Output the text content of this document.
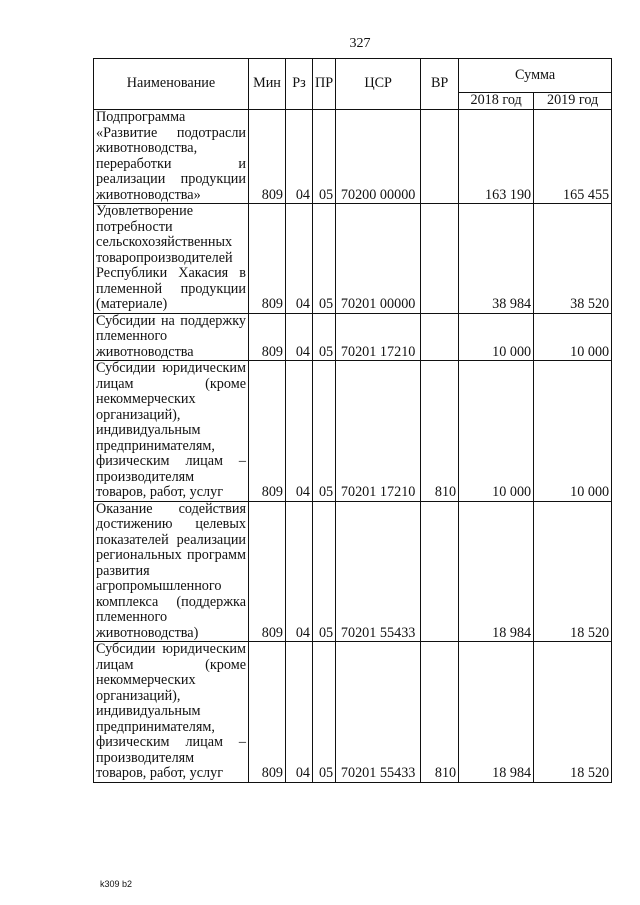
327
Наименование	Мин	Рз	ПР	ЦСР	ВР	Сумма	
						2018 год	2019 год
Подпрограмма «Развитие подотрасли животноводства, переработки и реализации продукции животноводства»	809	04	05	70200 00000		163 190	165 455
Удовлетворение потребности сельскохозяйственных товаропроизводителей Республики Хакасия в племенной продукции (материале)	809	04	05	70201 00000		38 984	38 520
Субсидии на поддержку племенного животноводства	809	04	05	70201 17210		10 000	10 000
Субсидии юридическим лицам (кроме некоммерческих организаций), индивидуальным предпринимателям, физическим лицам – производителям товаров, работ, услуг	809	04	05	70201 17210	810	10 000	10 000
Оказание содействия достижению целевых показателей реализации региональных программ развития агропромышленного комплекса (поддержка племенного животноводства)	809	04	05	70201 55433		18 984	18 520
Субсидии юридическим лицам (кроме некоммерческих организаций), индивидуальным предпринимателям, физическим лицам – производителям товаров, работ, услуг	809	04	05	70201 55433	810	18 984	18 520
k309 b2
